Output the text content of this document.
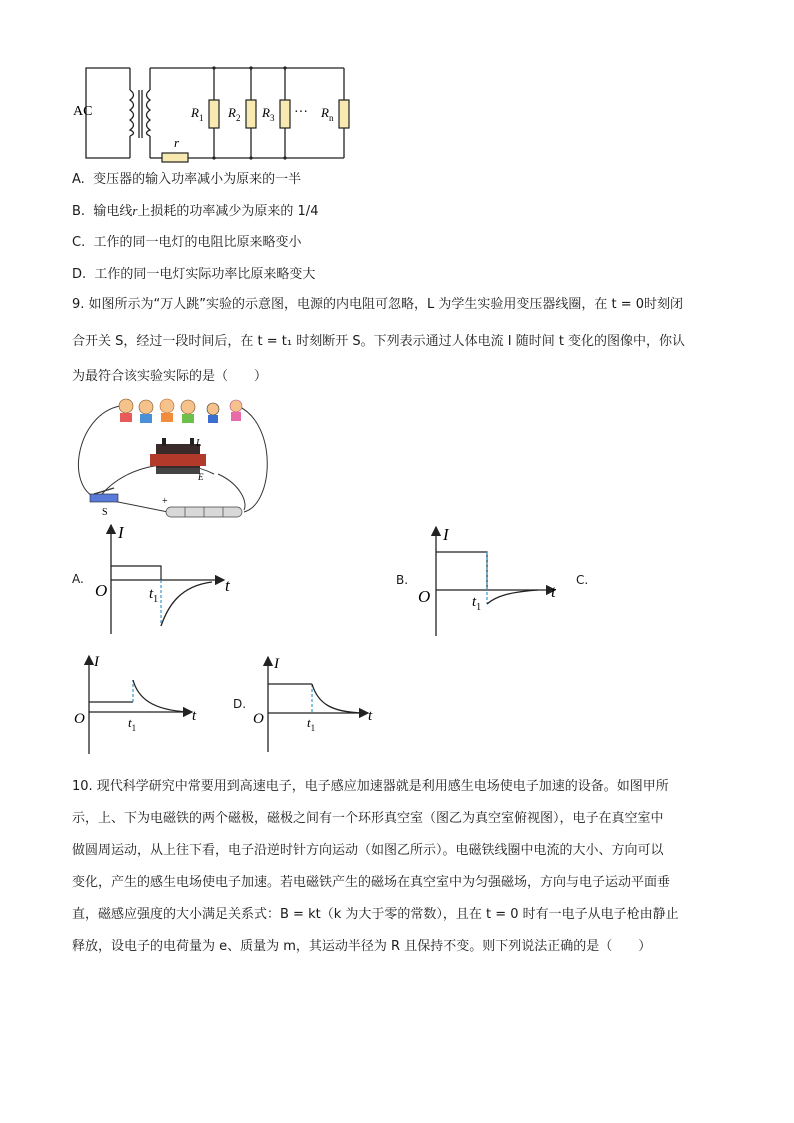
AC
r
$R_1$ $R_2$ $R_3$ ··· $R_n$
A. 变压器的输入功率减小为原来的一半
B. 输电线r上损耗的功率减少为原来的 1/4
C. 工作的同一电灯的电阻比原来略变小
D. 工作的同一电灯实际功率比原来略变大
9. 如图所示为“万人跳”实验的示意图，电源的内电阻可忽略，L 为学生实验用变压器线圈，在 t = 0时刻闭
合开关 S，经过一段时间后，在 t = t₁ 时刻断开 S。下列表示通过人体电流 I 随时间 t 变化的图像中，你认
为最符合该实验实际的是（　　）
L
E
S
+
A.	B.	C.
D.
I
t
O	$t_1$
I
t
O	$t_1$
I
t
O	$t_1$
I
t
O	$t_1$
10. 现代科学研究中常要用到高速电子，电子感应加速器就是利用感生电场使电子加速的设备。如图甲所
示，上、下为电磁铁的两个磁极，磁极之间有一个环形真空室（图乙为真空室俯视图），电子在真空室中
做圆周运动，从上往下看，电子沿逆时针方向运动（如图乙所示）。电磁铁线圈中电流的大小、方向可以
变化，产生的感生电场使电子加速。若电磁铁产生的磁场在真空室中为匀强磁场，方向与电子运动平面垂
直，磁感应强度的大小满足关系式：B = kt（k 为大于零的常数），且在 t = 0 时有一电子从电子枪由静止
释放，设电子的电荷量为 e、质量为 m，其运动半径为 R 且保持不变。则下列说法正确的是（　　）
